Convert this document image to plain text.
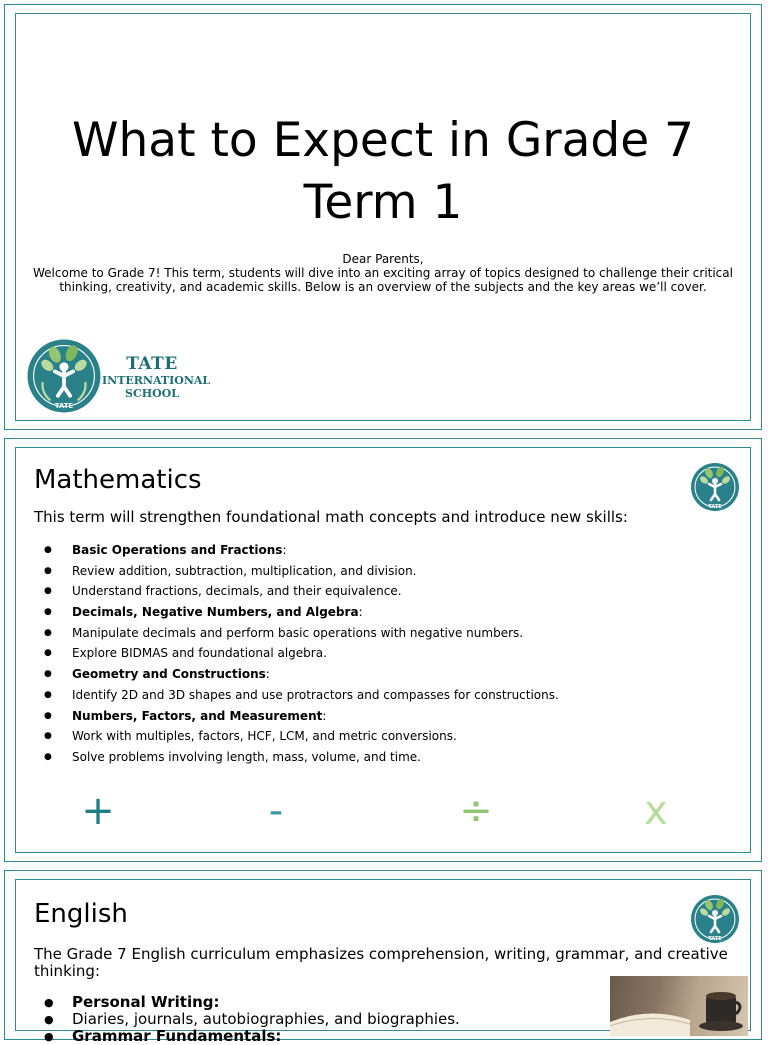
What to Expect in Grade 7
Term 1
Dear Parents,
Welcome to Grade 7! This term, students will dive into an exciting array of topics designed to challenge their critical thinking, creativity, and academic skills. Below is an overview of the subjects and the key areas we’ll cover.
TATE
TATE
INTERNATIONAL
SCHOOL
Mathematics
TATE
This term will strengthen foundational math concepts and introduce new skills:
● Basic Operations and Fractions:
● Review addition, subtraction, multiplication, and division.
● Understand fractions, decimals, and their equivalence.
● Decimals, Negative Numbers, and Algebra:
● Manipulate decimals and perform basic operations with negative numbers.
● Explore BIDMAS and foundational algebra.
● Geometry and Constructions:
● Identify 2D and 3D shapes and use protractors and compasses for constructions.
● Numbers, Factors, and Measurement:
● Work with multiples, factors, HCF, LCM, and metric conversions.
● Solve problems involving length, mass, volume, and time.
+	-	÷	x
English
TATE
The Grade 7 English curriculum emphasizes comprehension, writing, grammar, and creative thinking:
● Personal Writing:
● Diaries, journals, autobiographies, and biographies.
● Grammar Fundamentals:
